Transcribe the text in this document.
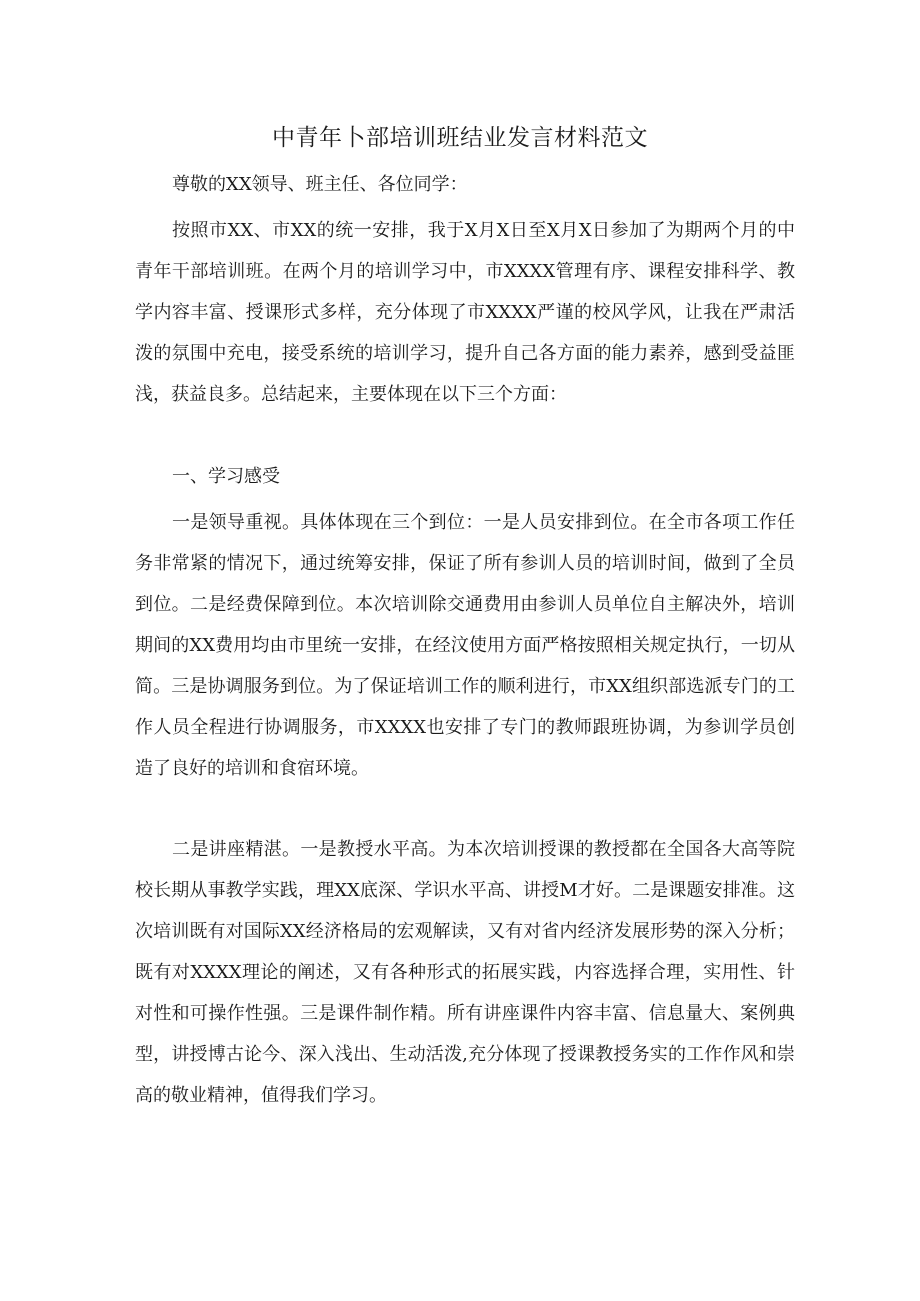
中青年卜部培训班结业发言材料范文

尊敬的XX领导、班主任、各位同学：

按照市XX、市XX的统一安排，我于X月X日至X月X日参加了为期两个月的中青年干部培训班。在两个月的培训学习中，市XXXX管理有序、课程安排科学、教学内容丰富、授课形式多样，充分体现了市XXXX严谨的校风学风，让我在严肃活泼的氛围中充电，接受系统的培训学习，提升自己各方面的能力素养，感到受益匪浅，获益良多。总结起来，主要体现在以下三个方面：

一、学习感受

一是领导重视。具体体现在三个到位：一是人员安排到位。在全市各项工作任务非常紧的情况下，通过统筹安排，保证了所有参训人员的培训时间，做到了全员到位。二是经费保障到位。本次培训除交通费用由参训人员单位自主解决外，培训期间的XX费用均由市里统一安排，在经汶使用方面严格按照相关规定执行，一切从简。三是协调服务到位。为了保证培训工作的顺利进行，市XX组织部选派专门的工作人员全程进行协调服务，市XXXX也安排了专门的教师跟班协调，为参训学员创造了良好的培训和食宿环境。

二是讲座精湛。一是教授水平高。为本次培训授课的教授都在全国各大高等院校长期从事教学实践，理XX底深、学识水平高、讲授M才好。二是课题安排准。这次培训既有对国际XX经济格局的宏观解读，又有对省内经济发展形势的深入分析；既有对XXXX理论的阐述，又有各种形式的拓展实践，内容选择合理，实用性、针对性和可操作性强。三是课件制作精。所有讲座课件内容丰富、信息量大、案例典型，讲授博古论今、深入浅出、生动活泼,充分体现了授课教授务实的工作作风和崇高的敬业精神，值得我们学习。
